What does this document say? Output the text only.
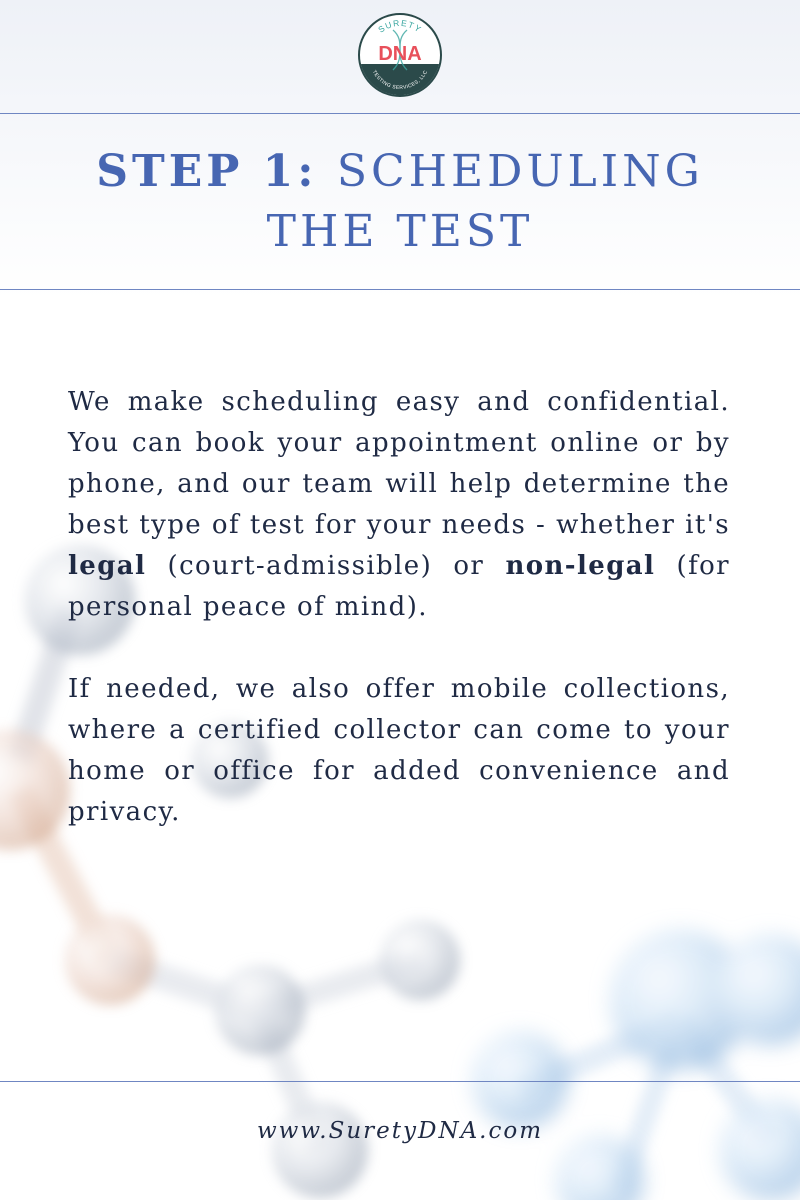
SURETY
DNA
TESTING SERVICES, LLC
STEP 1: SCHEDULING
THE TEST

We make scheduling easy and confidential. You can book your appointment online or by phone, and our team will help determine the best type of test for your needs - whether it's legal (court-admissible) or non-legal (for personal peace of mind).

If needed, we also offer mobile collections, where a certified collector can come to your home or office for added convenience and privacy.

www.SuretyDNA.com
